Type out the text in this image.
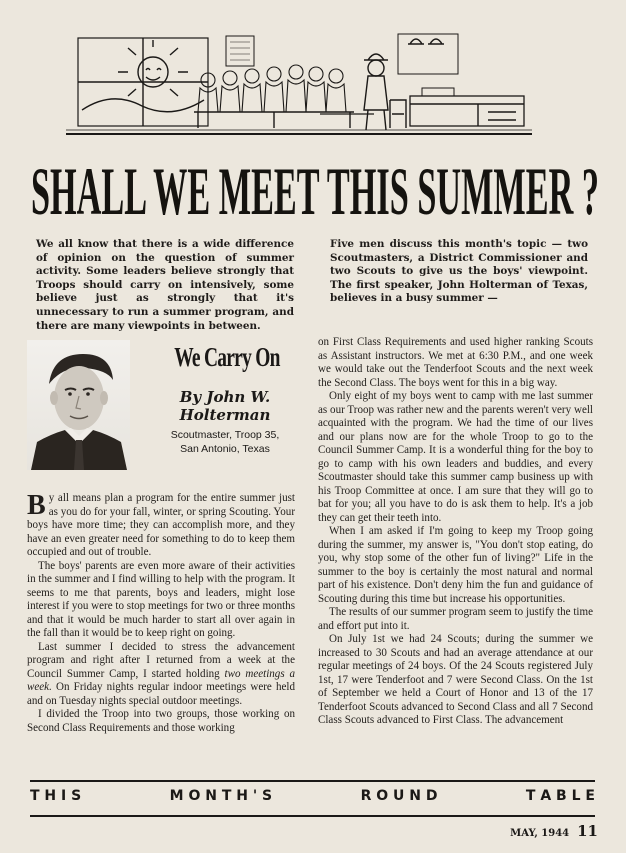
SHALL WE MEET THIS SUMMER ?

We all know that there is a wide difference of opinion on the question of summer activity. Some leaders believe strongly that Troops should carry on intensively, some believe just as strongly that it's unnecessary to run a summer program, and there are many viewpoints in between.

Five men discuss this month's topic — two Scoutmasters, a District Commissioner and two Scouts to give us the boys' viewpoint. The first speaker, John Holterman of Texas, believes in a busy summer —

We Carry On
By John W.
Holterman
Scoutmaster, Troop 35,
San Antonio, Texas

By all means plan a program for the entire summer just as you do for your fall, winter, or spring Scouting. Your boys have more time; they can accomplish more, and they have an even greater need for something to do to keep them occupied and out of trouble.

The boys' parents are even more aware of their activities in the summer and I find willing to help with the program. It seems to me that parents, boys and leaders, might lose interest if you were to stop meetings for two or three months and that it would be much harder to start all over again in the fall than it would be to keep right on going.

Last summer I decided to stress the advancement program and right after I returned from a week at the Council Summer Camp, I started holding two meetings a week. On Friday nights regular indoor meetings were held and on Tuesday nights special outdoor meetings.

I divided the Troop into two groups, those working on Second Class Requirements and those working

on First Class Requirements and used higher ranking Scouts as Assistant instructors. We met at 6:30 P.M., and one week we would take out the Tenderfoot Scouts and the next week the Second Class. The boys went for this in a big way.

Only eight of my boys went to camp with me last summer as our Troop was rather new and the parents weren't very well acquainted with the program. We had the time of our lives and our plans now are for the whole Troop to go to the Council Summer Camp. It is a wonderful thing for the boy to go to camp with his own leaders and buddies, and every Scoutmaster should take this summer camp business up with his Troop Committee at once. I am sure that they will go to bat for you; all you have to do is ask them to help. It's a job they can get their teeth into.

When I am asked if I'm going to keep my Troop going during the summer, my answer is, "You don't stop eating, do you, why stop some of the other fun of living?" Life in the summer to the boy is certainly the most natural and normal part of his existence. Don't deny him the fun and guidance of Scouting during this time but increase his opportunities.

The results of our summer program seem to justify the time and effort put into it.

On July 1st we had 24 Scouts; during the summer we increased to 30 Scouts and had an average attendance at our regular meetings of 24 boys. Of the 24 Scouts registered July 1st, 17 were Tenderfoot and 7 were Second Class. On the 1st of September we held a Court of Honor and 13 of the 17 Tenderfoot Scouts advanced to Second Class and all 7 Second Class Scouts advanced to First Class. The advancement

T H I S	M O N T H ' S	R O U N D	T A B L E
MAY, 1944 11
